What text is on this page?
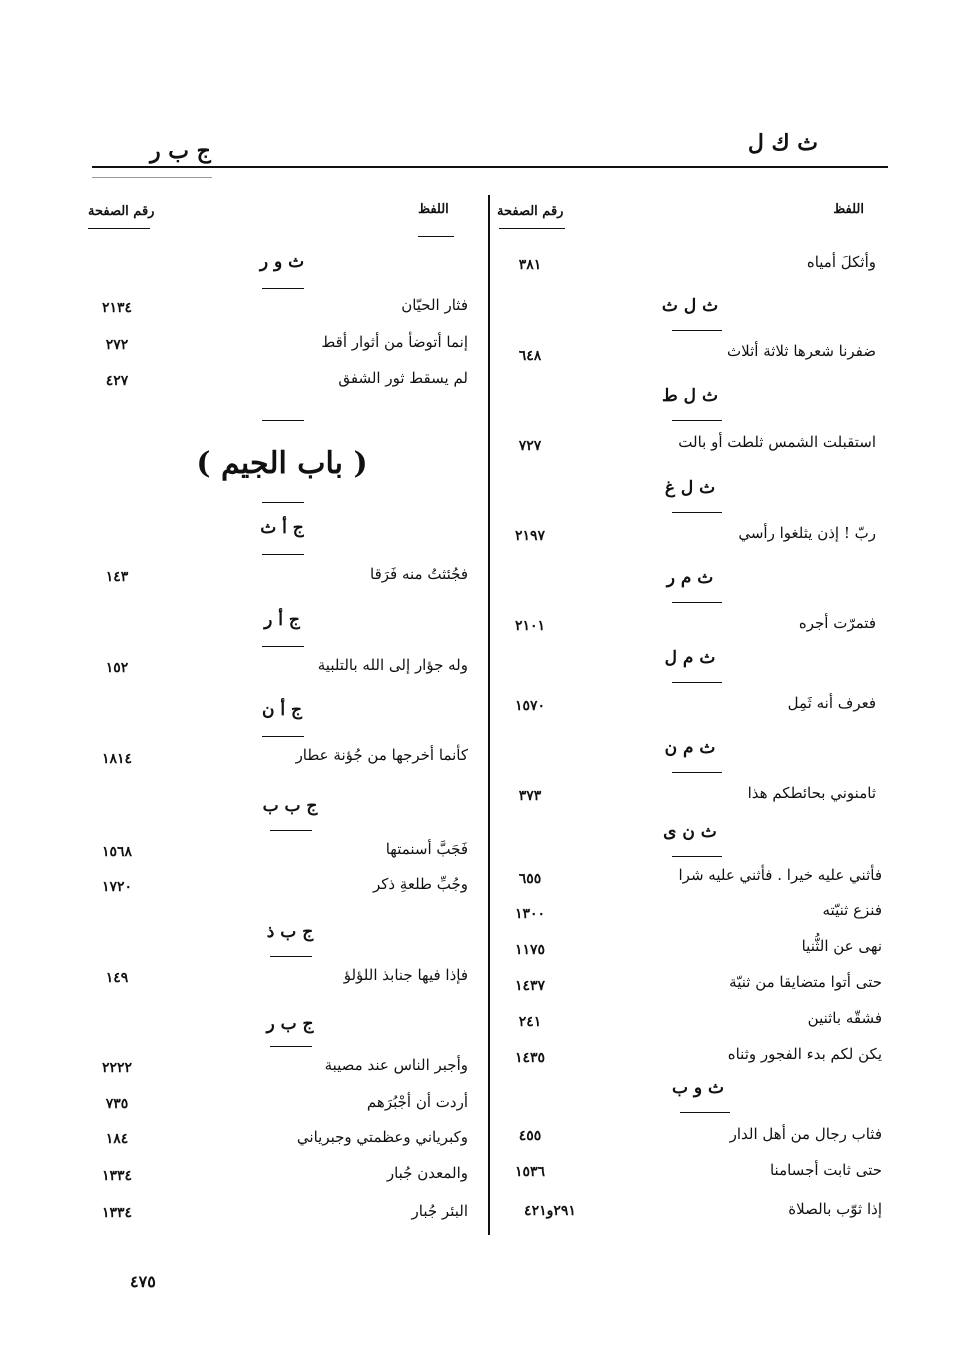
ث ك ل
ج ب ر
اللفظ
رقم الصفحة
اللفظ
رقم الصفحة
وأثكلَ أمياه
٣٨١
ث ل ث
ضفرنا شعرها ثلاثة أثلاث
٦٤٨
ث ل ط
استقبلت الشمس ثلطت أو بالت
٧٢٧
ث ل غ
ربّ ! إذن يثلغوا رأسي
٢١٩٧
ث م ر
فتمرّت أجره
٢١٠١
ث م ل
فعرف أنه ثَمِل
١٥٧٠
ث م ن
ثامنوني بحائطكم هذا
٣٧٣
ث ن ى
فأثني عليه خيرا . فأثني عليه شرا
٦٥٥
فنزع ثنيّته
١٣٠٠
نهى عن الثُّنيا
١١٧٥
حتى أتوا متضايقا من ثنيّة
١٤٣٧
فشقّه باثنين
٢٤١
يكن لكم بدء الفجور وثناه
١٤٣٥
ث و ب
فثاب رجال من أهل الدار
٤٥٥
حتى ثابت أجسامنا
١٥٣٦
إذا ثوّب بالصلاة
٢٩١و٤٢١
ث و ر
فثار الحيّان
٢١٣٤
إنما أتوضأ من أثوار أقط
٢٧٢
لم يسقط ثور الشفق
٤٢٧
( باب الجيم )
ج أ ث
فجُئثتُ منه فَرَقا
١٤٣
ج أ ر
وله جؤار إلى الله بالتلبية
١٥٢
ج أ ن
كأنما أخرجها من جُؤنة عطار
١٨١٤
ج ب ب
فَجَبَّ أسنمتها
١٥٦٨
وجُبِّ طلعةِ ذكر
١٧٢٠
ج ب ذ
فإذا فيها جنابذ اللؤلؤ
١٤٩
ج ب ر
وأجبر الناس عند مصيبة
٢٢٢٢
أردت أن أجْبُرَهم
٧٣٥
وكبرياني وعظمتي وجبرياني
١٨٤
والمعدن جُبار
١٣٣٤
البئر جُبار
١٣٣٤
٤٧٥
